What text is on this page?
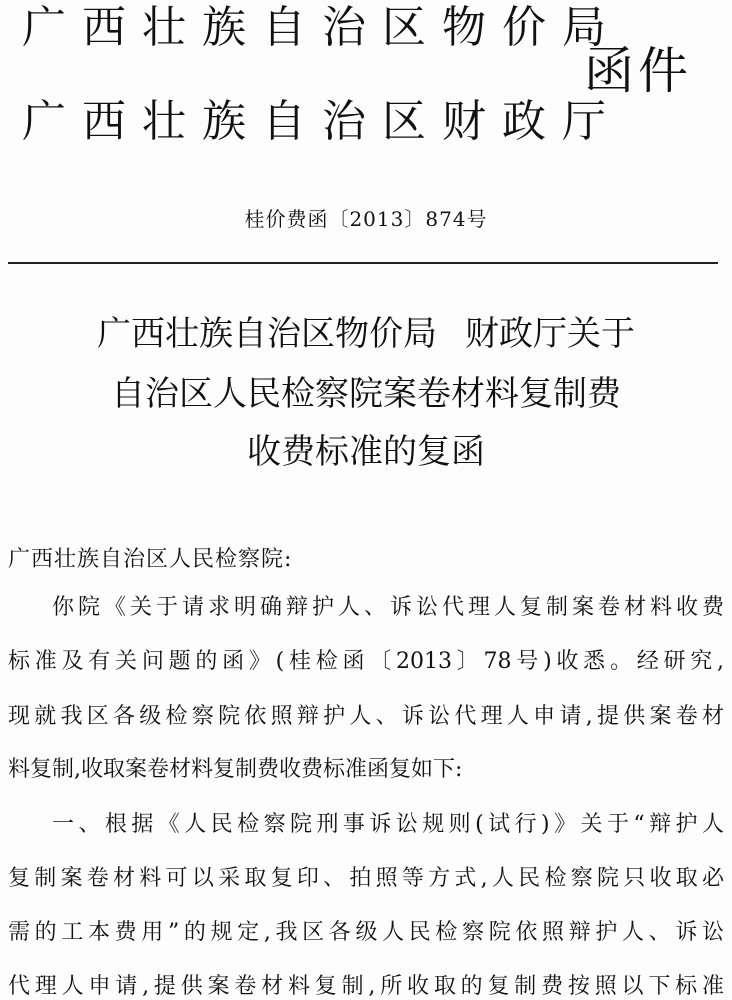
广西壮族自治区物价局
广西壮族自治区财政厅
函件
桂价费函〔2013〕874号
广西壮族自治区物价局 财政厅关于
自治区人民检察院案卷材料复制费
收费标准的复函
广西壮族自治区人民检察院:
你院《关于请求明确辩护人、诉讼代理人复制案卷材料收费
标准及有关问题的函》(桂检函〔2013〕78号)收悉。经研究,
现就我区各级检察院依照辩护人、诉讼代理人申请,提供案卷材
料复制,收取案卷材料复制费收费标准函复如下:
一、根据《人民检察院刑事诉讼规则(试行)》关于“辩护人
复制案卷材料可以采取复印、拍照等方式,人民检察院只收取必
需的工本费用”的规定,我区各级人民检察院依照辩护人、诉讼
代理人申请,提供案卷材料复制,所收取的复制费按照以下标准
